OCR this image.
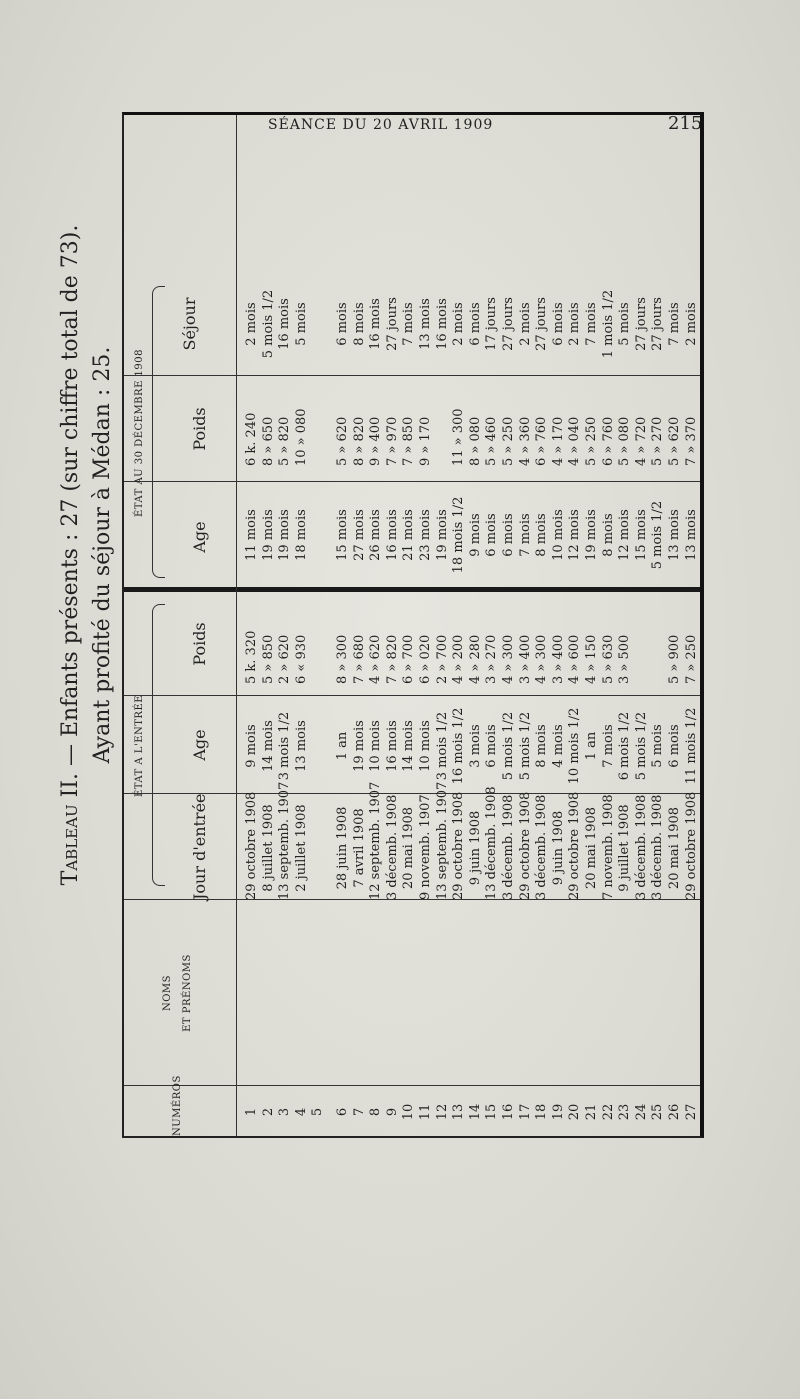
SÉANCE DU 20 AVRIL 1909	215
Tableau II. — Enfants présents : 27 (sur chiffre total de 73). Ayant profité du séjour à Médan : 25.
NUMÉROS
NOMS ET PRÉNOMS
ÉTAT A L'ENTRÉE
ÉTAT AU 30 DÉCEMBRE 1908
Jour d'entrée
Age
Poids
Age
Poids
Séjour
1
29 octobre 1908
9 mois
5 k. 320
11 mois
6 k. 240
2 mois
2
8 juillet 1908
14 mois
5 » 850
19 mois
8 » 650
5 mois 1/2
3
13 septemb. 1907
3 mois 1/2
2 » 620
19 mois
5 » 820
16 mois
4
2 juillet 1908
13 mois
6 « 930
18 mois
10 » 080
5 mois
5 6
28 juin 1908
1 an
8 » 300
15 mois
5 » 620
6 mois
7
7 avril 1908
19 mois
7 » 680
27 mois
8 » 820
8 mois
8
12 septemb. 1907
10 mois
4 » 620
26 mois
9 » 400
16 mois
9
3 décemb. 1908
16 mois
7 » 820
16 mois
7 » 970
27 jours
10
20 mai 1908
14 mois
6 » 700
21 mois
7 » 850
7 mois
11
9 novemb. 1907
10 mois
6 » 020
23 mois
9 » 170
13 mois
12
13 septemb. 1907
3 mois 1/2
2 » 700
19 mois
16 mois
13
29 octobre 1908
16 mois 1/2
4 » 200
18 mois 1/2
11 » 300
2 mois
14
9 juin 1908
3 mois
4 » 280
9 mois
8 » 080
6 mois
15
13 décemb. 1908
6 mois
3 » 270
6 mois
5 » 460
17 jours
16
3 décemb. 1908
5 mois 1/2
4 » 300
6 mois
5 » 250
27 jours
17
29 octobre 1908
5 mois 1/2
3 » 400
7 mois
4 » 360
2 mois
18
3 décemb. 1908
8 mois
4 » 300
8 mois
6 » 760
27 jours
19
9 juin 1908
4 mois
3 » 400
10 mois
4 » 170
6 mois
20
29 octobre 1908
10 mois 1/2
4 » 600
12 mois
4 » 040
2 mois
21
20 mai 1908
1 an
4 » 150
19 mois
5 » 250
7 mois
22
7 novemb. 1908
7 mois
5 » 630
8 mois
6 » 760
1 mois 1/2
23
9 juillet 1908
6 mois 1/2
3 » 500
12 mois
5 » 080
5 mois
24
3 décemb. 1908
5 mois 1/2
15 mois
4 » 720
27 jours
25
3 décemb. 1908
5 mois
5 mois 1/2
5 » 270
27 jours
26
20 mai 1908
6 mois
5 » 900
13 mois
5 » 620
7 mois
27
29 octobre 1908
11 mois 1/2
7 » 250
13 mois
7 » 370
2 mois
